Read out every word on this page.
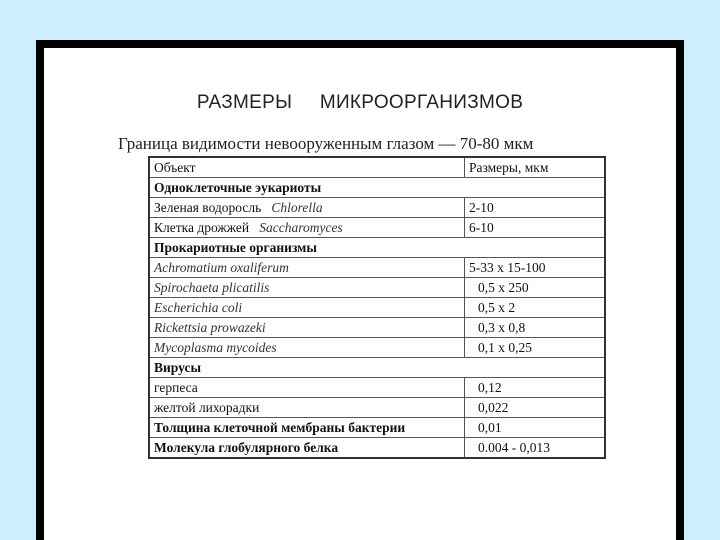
РАЗМЕРЫ МИКРООРГАНИЗМОВ
Граница видимости невооруженным глазом — 70-80 мкм
Объект	Размеры, мкм
Одноклеточные эукариоты	
Зеленая водоросль Chlorella	2-10
Клетка дрожжей Saccharomyces	6-10
Прокариотные организмы	
Achromatium oxaliferum	5-33 x 15-100
Spirochaeta plicatilis	0,5 x 250
Escherichia coli	0,5 x 2
Rickettsia prowazeki	0,3 x 0,8
Mycoplasma mycoides	0,1 x 0,25
Вирусы	
герпеса	0,12
желтой лихорадки	0,022
Толщина клеточной мембраны бактерии	0,01
Молекула глобулярного белка	0.004 - 0,013
